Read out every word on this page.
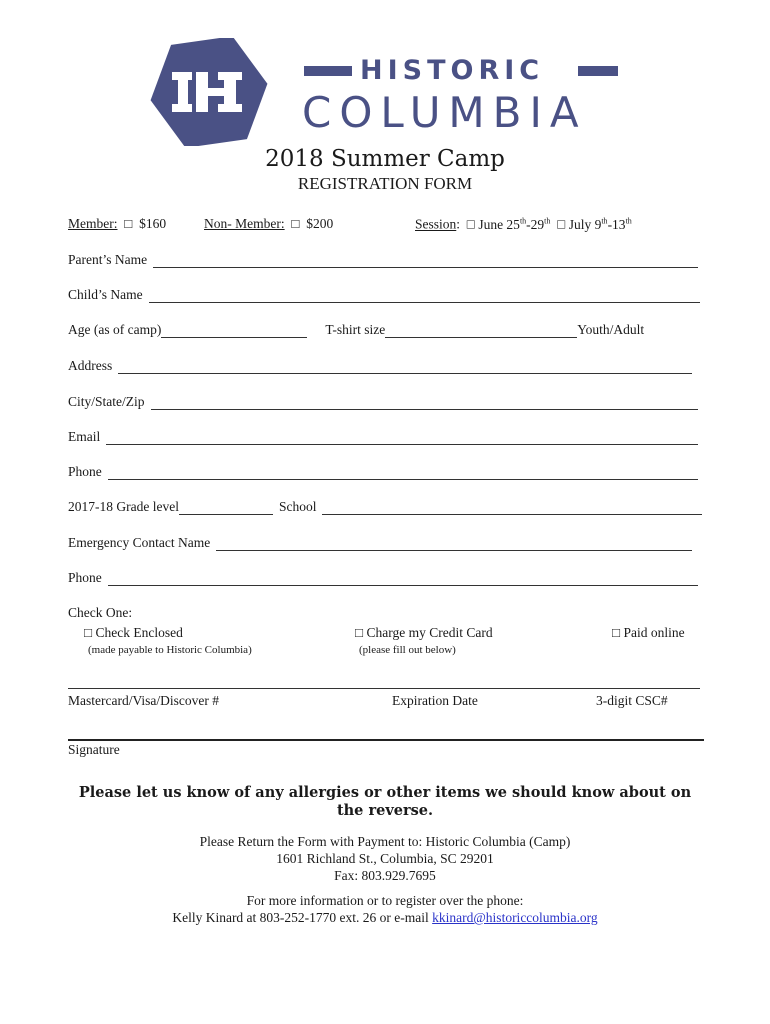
HISTORIC
COLUMBIA
2018 Summer Camp
REGISTRATION FORM
Member:  □  $160	Non- Member:  □  $200	Session:  □ June 25th-29th  □ July 9th-13th
Parent’s Name
Child’s Name
Age (as of camp)	T-shirt size	Youth/Adult
Address
City/State/Zip
Email
Phone
2017-18 Grade level	School
Emergency Contact Name
Phone
Check One:
□ Check Enclosed
(made payable to Historic Columbia)
□ Charge my Credit Card
(please fill out below)
□ Paid online
Mastercard/Visa/Discover #	Expiration Date	3-digit CSC#
Signature
Please let us know of any allergies or other items we should know about on the reverse.
Please Return the Form with Payment to: Historic Columbia (Camp)
1601 Richland St., Columbia, SC 29201
Fax: 803.929.7695
For more information or to register over the phone:
Kelly Kinard at 803-252-1770 ext. 26 or e-mail kkinard@historiccolumbia.org
